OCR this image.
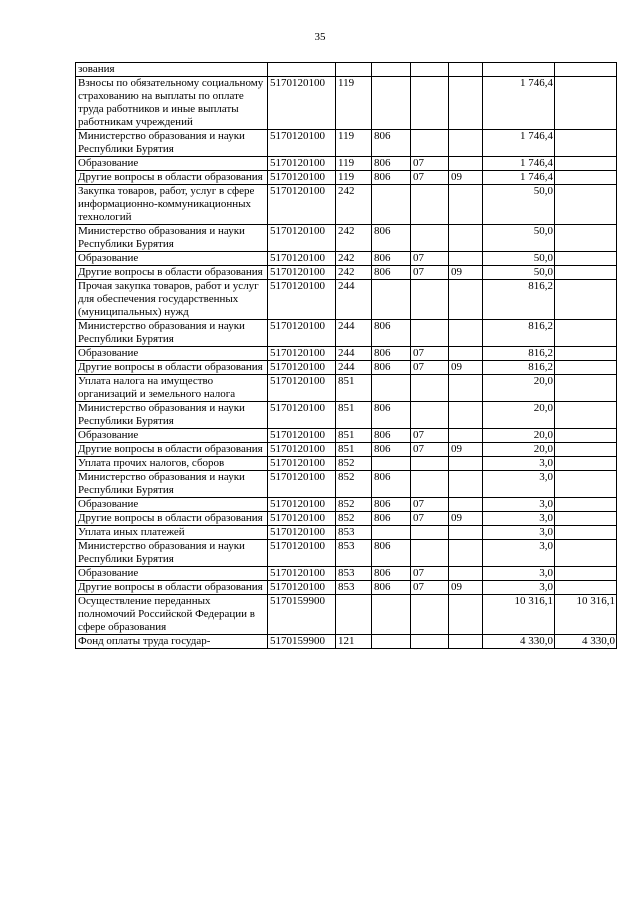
35
зования							
Взносы по обязательному социальному страхованию на выплаты по оплате труда работников и иные выплаты работникам учреждений	5170120100	119				1 746,4	
Министерство образования и науки Республики Бурятия	5170120100	119	806			1 746,4	
Образование	5170120100	119	806	07		1 746,4	
Другие вопросы в области образования	5170120100	119	806	07	09	1 746,4	
Закупка товаров, работ, услуг в сфере информационно-коммуникационных технологий	5170120100	242				50,0	
Министерство образования и науки Республики Бурятия	5170120100	242	806			50,0	
Образование	5170120100	242	806	07		50,0	
Другие вопросы в области образования	5170120100	242	806	07	09	50,0	
Прочая закупка товаров, работ и услуг для обеспечения государственных (муниципальных) нужд	5170120100	244				816,2	
Министерство образования и науки Республики Бурятия	5170120100	244	806			816,2	
Образование	5170120100	244	806	07		816,2	
Другие вопросы в области образования	5170120100	244	806	07	09	816,2	
Уплата налога на имущество организаций и земельного налога	5170120100	851				20,0	
Министерство образования и науки Республики Бурятия	5170120100	851	806			20,0	
Образование	5170120100	851	806	07		20,0	
Другие вопросы в области образования	5170120100	851	806	07	09	20,0	
Уплата прочих налогов, сборов	5170120100	852				3,0	
Министерство образования и науки Республики Бурятия	5170120100	852	806			3,0	
Образование	5170120100	852	806	07		3,0	
Другие вопросы в области образования	5170120100	852	806	07	09	3,0	
Уплата иных платежей	5170120100	853				3,0	
Министерство образования и науки Республики Бурятия	5170120100	853	806			3,0	
Образование	5170120100	853	806	07		3,0	
Другие вопросы в области образования	5170120100	853	806	07	09	3,0	
Осуществление переданных полномочий Российской Федерации в сфере образования	5170159900					10 316,1	10 316,1
Фонд оплаты труда государ-	5170159900	121				4 330,0	4 330,0
